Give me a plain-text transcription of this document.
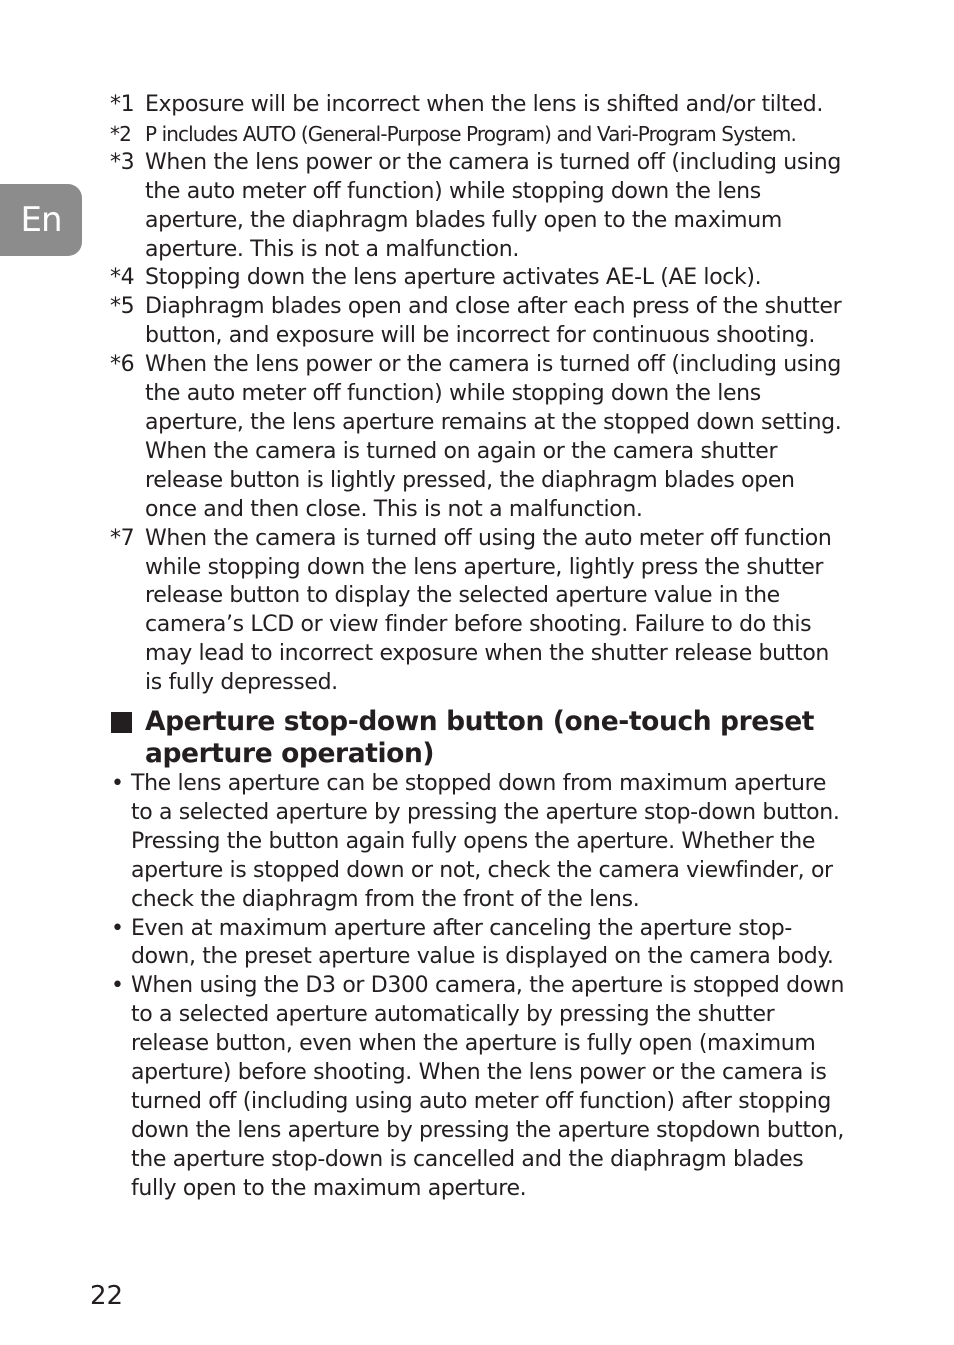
En
*1 Exposure will be incorrect when the lens is shifted and/or tilted.
*2 P includes AUTO (General-Purpose Program) and Vari-Program System.
*3 When the lens power or the camera is turned off (including using the auto meter off function) while stopping down the lens aperture, the diaphragm blades fully open to the maximum aperture. This is not a malfunction.
*4 Stopping down the lens aperture activates AE-L (AE lock).
*5 Diaphragm blades open and close after each press of the shutter button, and exposure will be incorrect for continuous shooting.
*6 When the lens power or the camera is turned off (including using the auto meter off function) while stopping down the lens aperture, the lens aperture remains at the stopped down setting. When the camera is turned on again or the camera shutter release button is lightly pressed, the diaphragm blades open once and then close. This is not a malfunction.
*7 When the camera is turned off using the auto meter off function while stopping down the lens aperture, lightly press the shutter release button to display the selected aperture value in the camera’s LCD or view finder before shooting. Failure to do this may lead to incorrect exposure when the shutter release button is fully depressed.
Aperture stop-down button (one-touch preset aperture operation)
• The lens aperture can be stopped down from maximum aperture to a selected aperture by pressing the aperture stop-down button. Pressing the button again fully opens the aperture. Whether the aperture is stopped down or not, check the camera viewfinder, or check the diaphragm from the front of the lens.
• Even at maximum aperture after canceling the aperture stop-down, the preset aperture value is displayed on the camera body.
• When using the D3 or D300 camera, the aperture is stopped down to a selected aperture automatically by pressing the shutter release button, even when the aperture is fully open (maximum aperture) before shooting. When the lens power or the camera is turned off (including using auto meter off function) after stopping down the lens aperture by pressing the aperture stopdown button, the aperture stop-down is cancelled and the diaphragm blades fully open to the maximum aperture.
22
